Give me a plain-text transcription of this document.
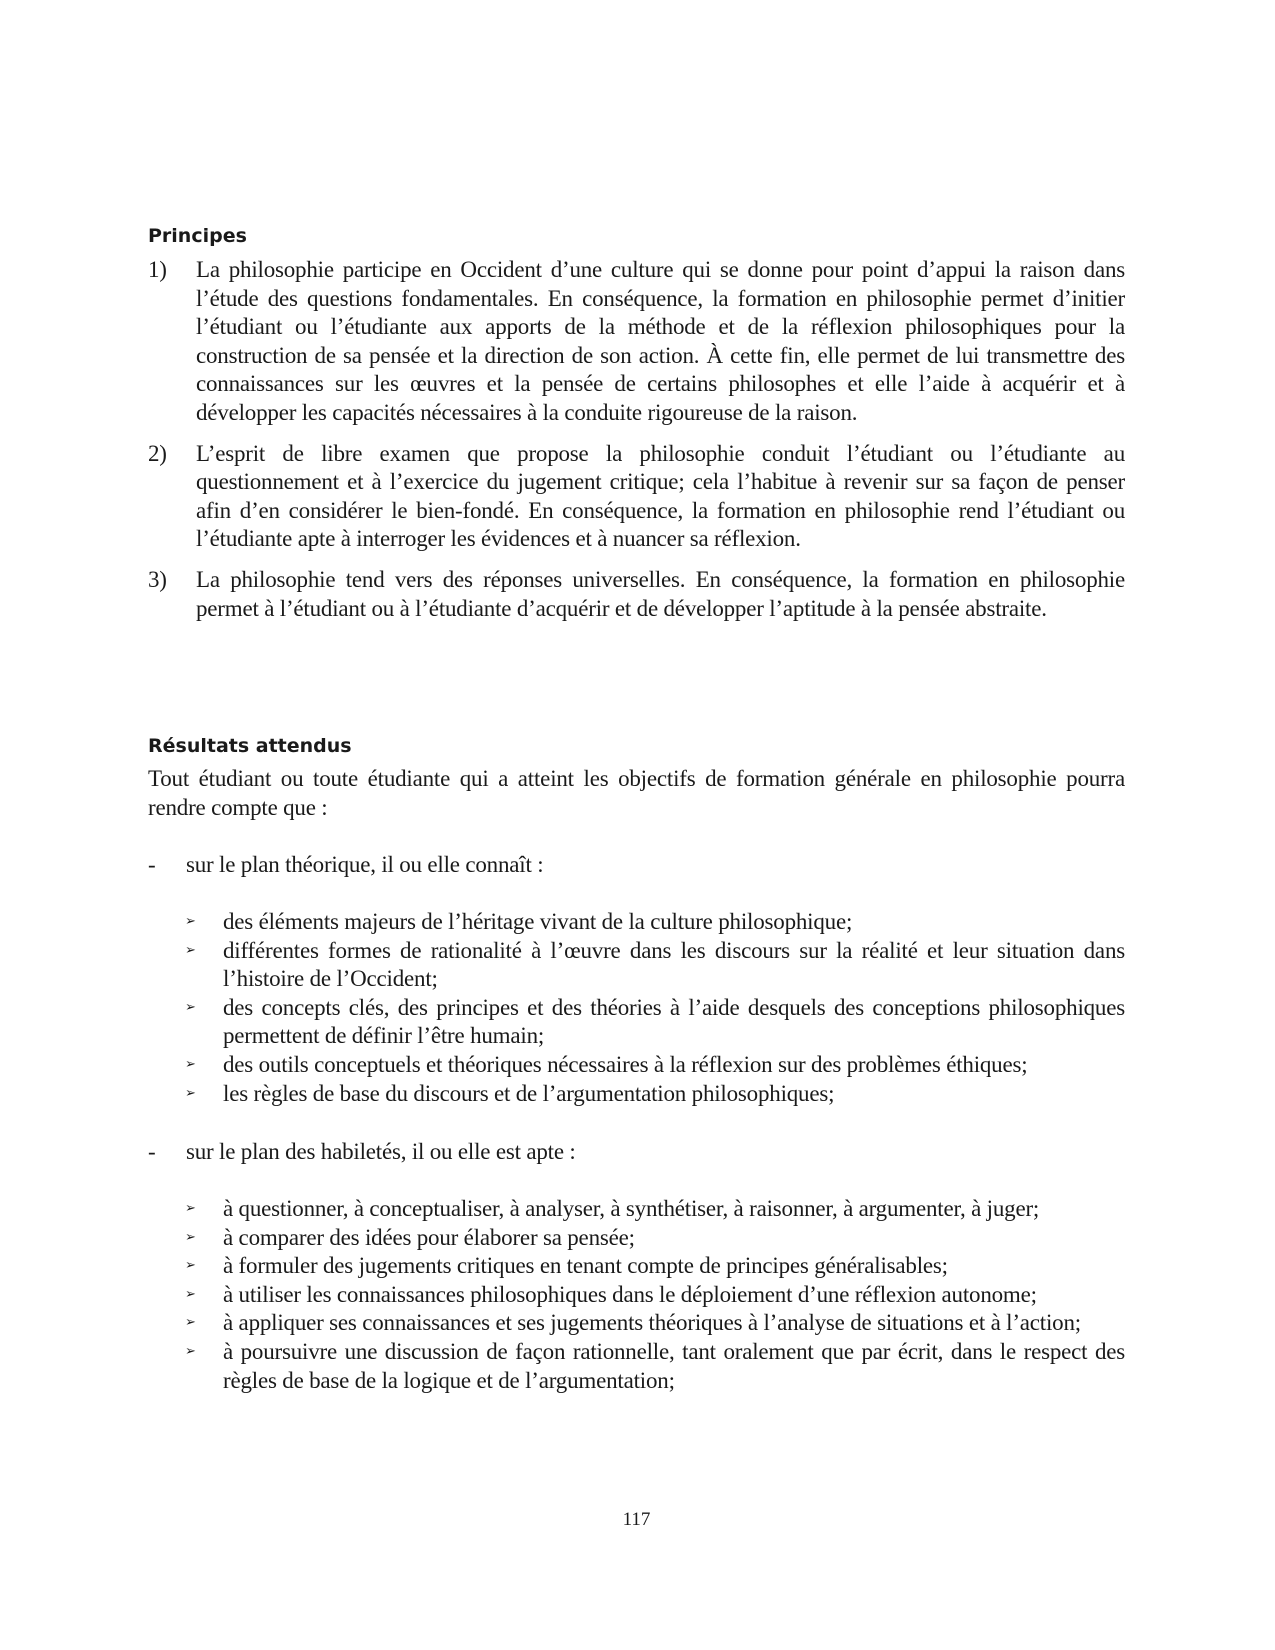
Principes
1) La philosophie participe en Occident d’une culture qui se donne pour point d’appui la raison dans l’étude des questions fondamentales. En conséquence, la formation en philosophie permet d’initier l’étudiant ou l’étudiante aux apports de la méthode et de la réflexion philosophiques pour la construction de sa pensée et la direction de son action. À cette fin, elle permet de lui transmettre des connaissances sur les œuvres et la pensée de certains philosophes et elle l’aide à acquérir et à développer les capacités nécessaires à la conduite rigoureuse de la raison.
2) L’esprit de libre examen que propose la philosophie conduit l’étudiant ou l’étudiante au questionnement et à l’exercice du jugement critique; cela l’habitue à revenir sur sa façon de penser afin d’en considérer le bien-fondé. En conséquence, la formation en philosophie rend l’étudiant ou l’étudiante apte à interroger les évidences et à nuancer sa réflexion.
3) La philosophie tend vers des réponses universelles. En conséquence, la formation en philosophie permet à l’étudiant ou à l’étudiante d’acquérir et de développer l’aptitude à la pensée abstraite.
Résultats attendus
Tout étudiant ou toute étudiante qui a atteint les objectifs de formation générale en philosophie pourra rendre compte que :
- sur le plan théorique, il ou elle connaît :
➢ des éléments majeurs de l’héritage vivant de la culture philosophique;
➢ différentes formes de rationalité à l’œuvre dans les discours sur la réalité et leur situation dans l’histoire de l’Occident;
➢ des concepts clés, des principes et des théories à l’aide desquels des conceptions philosophiques permettent de définir l’être humain;
➢ des outils conceptuels et théoriques nécessaires à la réflexion sur des problèmes éthiques;
➢ les règles de base du discours et de l’argumentation philosophiques;
- sur le plan des habiletés, il ou elle est apte :
➢ à questionner, à conceptualiser, à analyser, à synthétiser, à raisonner, à argumenter, à juger;
➢ à comparer des idées pour élaborer sa pensée;
➢ à formuler des jugements critiques en tenant compte de principes généralisables;
➢ à utiliser les connaissances philosophiques dans le déploiement d’une réflexion autonome;
➢ à appliquer ses connaissances et ses jugements théoriques à l’analyse de situations et à l’action;
➢ à poursuivre une discussion de façon rationnelle, tant oralement que par écrit, dans le respect des règles de base de la logique et de l’argumentation;
117
